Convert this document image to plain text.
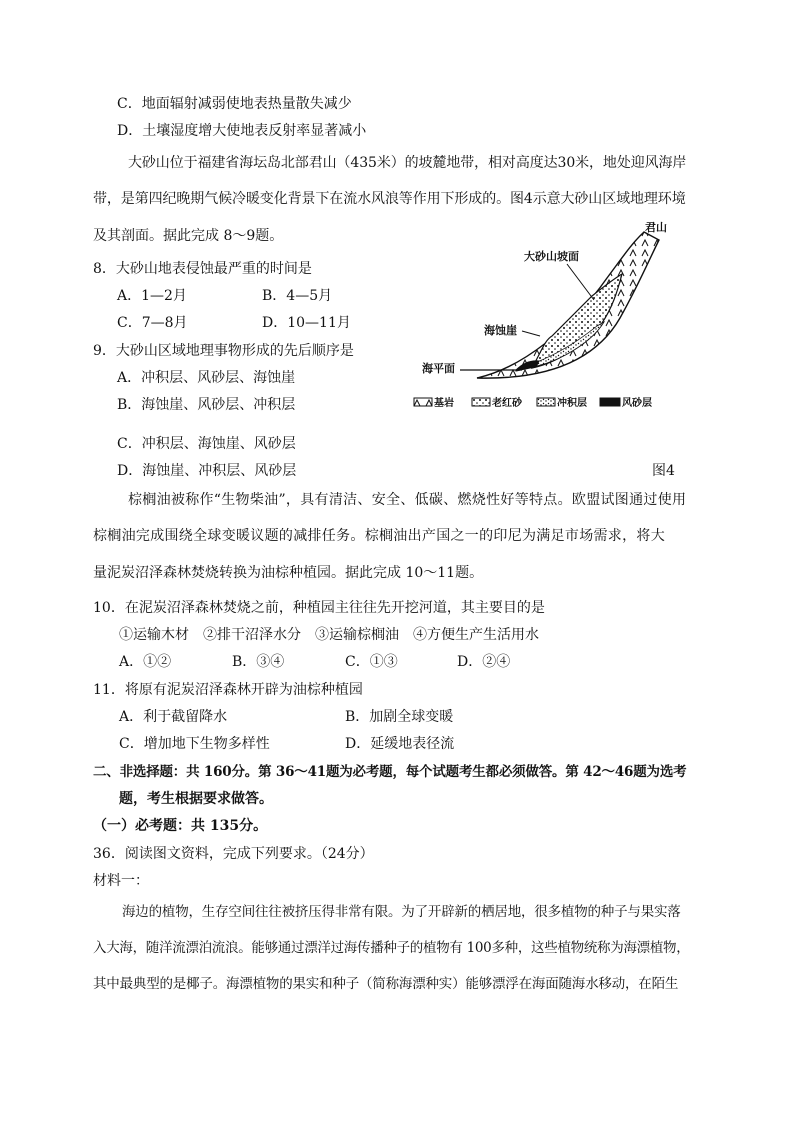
C．地面辐射减弱使地表热量散失减少
D．土壤湿度增大使地表反射率显著减小
大砂山位于福建省海坛岛北部君山（435米）的坡麓地带，相对高度达30米，地处迎风海岸
带，是第四纪晚期气候冷暖变化背景下在流水风浪等作用下形成的。图4示意大砂山区域地理环境
及其剖面。据此完成 8～9题。
8．大砂山地表侵蚀最严重的时间是
A．1—2月	B．4—5月
C．7—8月	D．10—11月
9．大砂山区域地理事物形成的先后顺序是
A．冲积层、风砂层、海蚀崖
B．海蚀崖、风砂层、冲积层
C．冲积层、海蚀崖、风砂层
D．海蚀崖、冲积层、风砂层
君山
大砂山坡面
海蚀崖
海平面
基岩	老红砂	冲积层	风砂层
图4
棕榈油被称作“生物柴油”，具有清洁、安全、低碳、燃烧性好等特点。欧盟试图通过使用
棕榈油完成围绕全球变暖议题的减排任务。棕榈油出产国之一的印尼为满足市场需求，将大
量泥炭沼泽森林焚烧转换为油棕种植园。据此完成 10～11题。
10．在泥炭沼泽森林焚烧之前，种植园主往往先开挖河道，其主要目的是
①运输木材　②排干沼泽水分　③运输棕榈油　④方便生产生活用水
A．①②	B．③④	C．①③	D．②④
11．将原有泥炭沼泽森林开辟为油棕种植园
A．利于截留降水	B．加剧全球变暖
C．增加地下生物多样性	D．延缓地表径流
二、非选择题：共 160分。第 36～41题为必考题，每个试题考生都必须做答。第 42～46题为选考
题，考生根据要求做答。
（一）必考题：共 135分。
36．阅读图文资料，完成下列要求。（24分）
材料一：
海边的植物，生存空间往往被挤压得非常有限。为了开辟新的栖居地，很多植物的种子与果实落
入大海，随洋流漂泊流浪。能够通过漂洋过海传播种子的植物有 100多种，这些植物统称为海漂植物，
其中最典型的是椰子。海漂植物的果实和种子（简称海漂种实）能够漂浮在海面随海水移动，在陌生
